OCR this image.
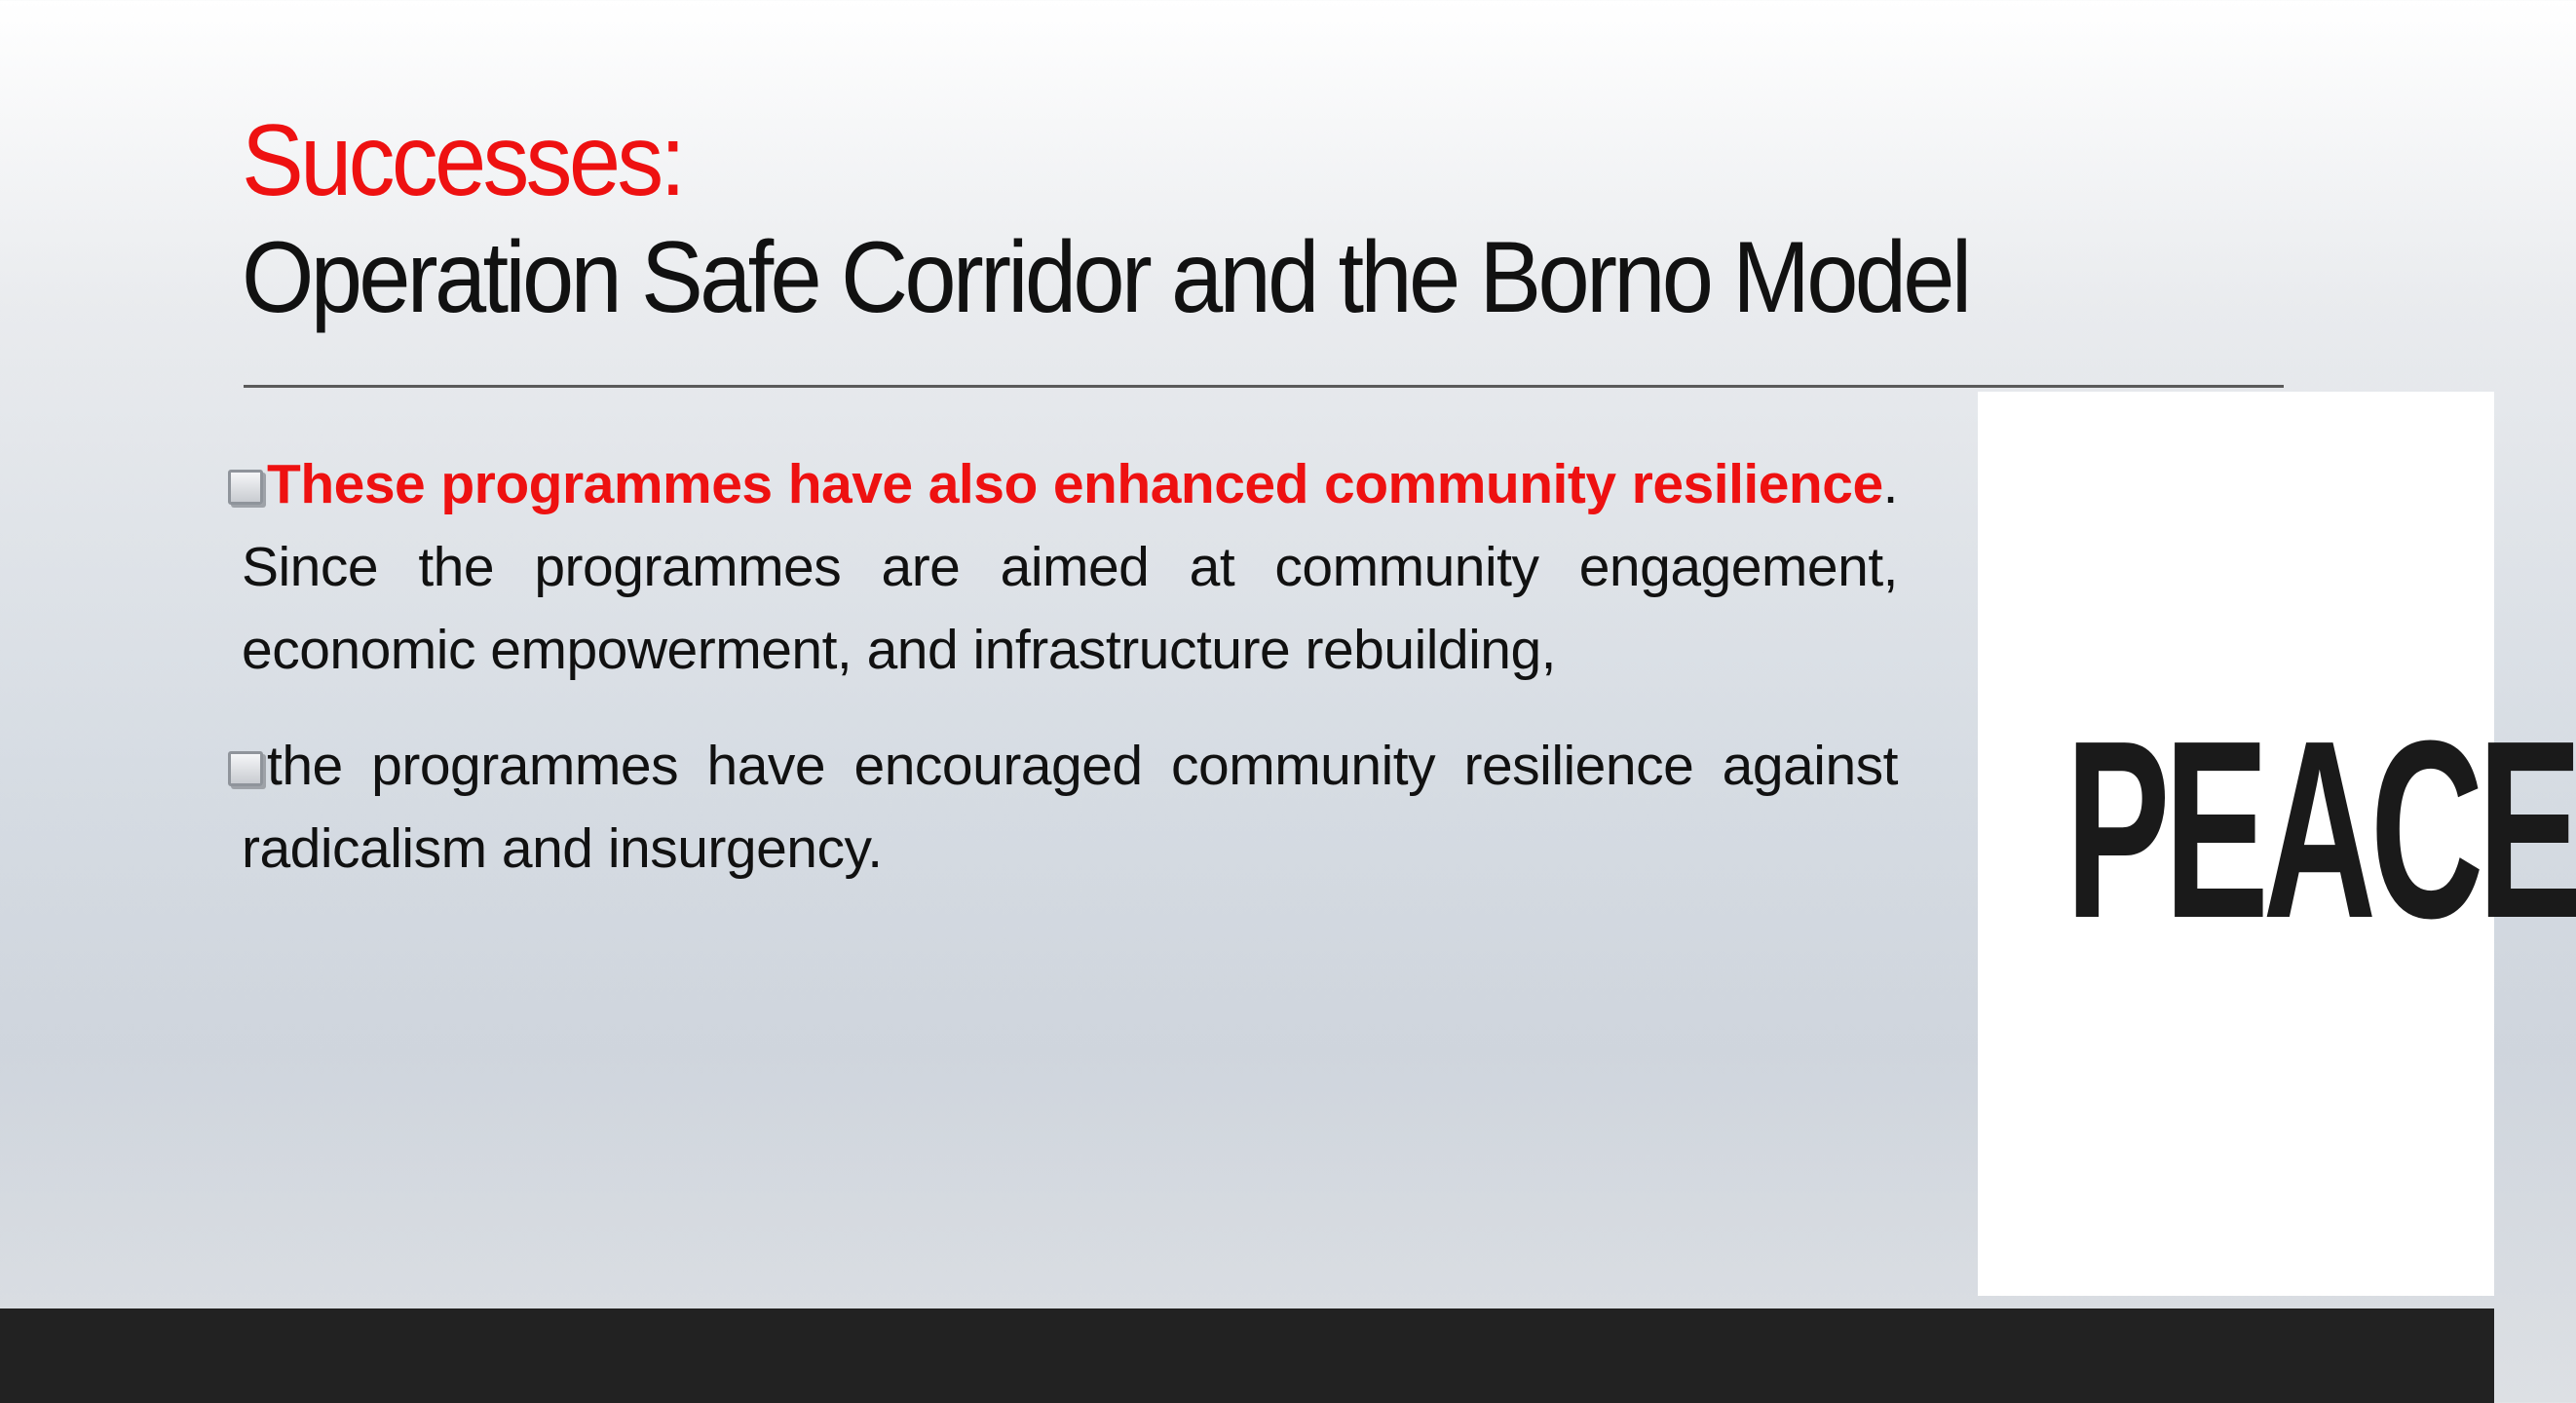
Successes:
Operation Safe Corridor and the Borno Model

These programmes have also enhanced community resilience. Since the programmes are aimed at community engagement, economic empowerment, and infrastructure rebuilding,

the programmes have encouraged community resilience against radicalism and insurgency.	PEACE
